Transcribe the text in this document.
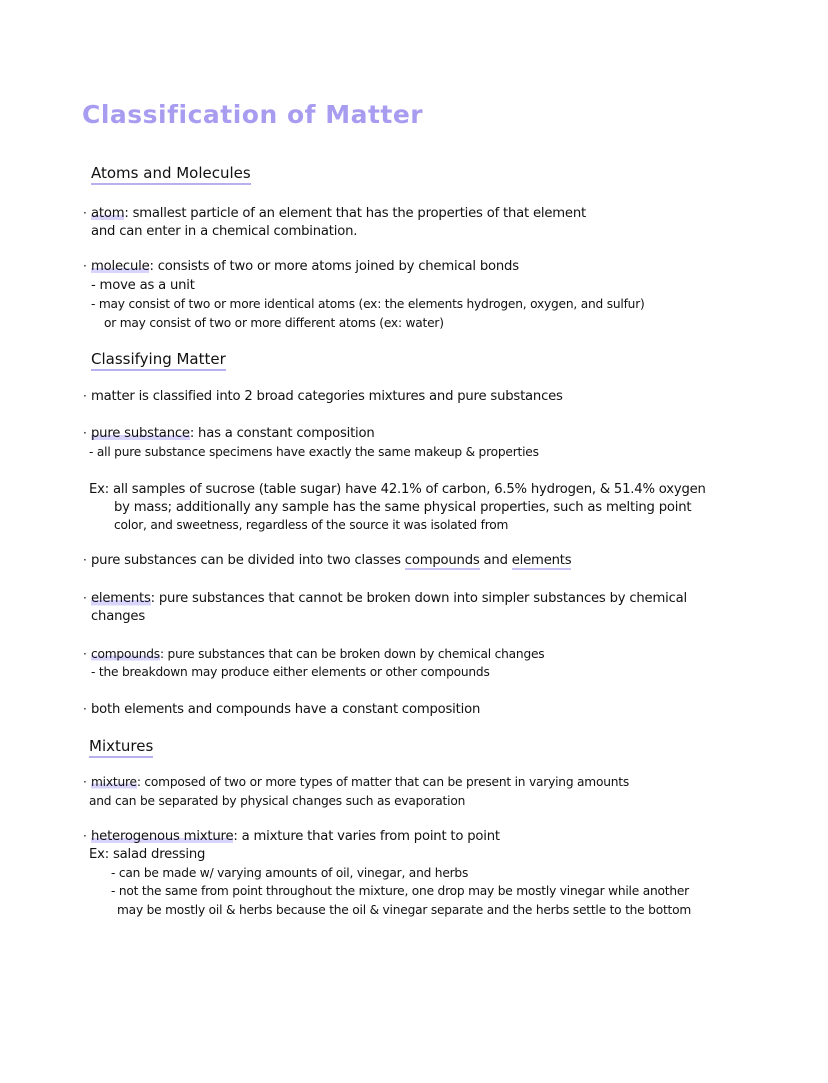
Classification of Matter
Atoms and Molecules
· atom: smallest particle of an element that has the properties of that element
and can enter in a chemical combination.
· molecule: consists of two or more atoms joined by chemical bonds
- move as a unit
- may consist of two or more identical atoms (ex: the elements hydrogen, oxygen, and sulfur)
or may consist of two or more different atoms (ex: water)
Classifying Matter
· matter is classified into 2 broad categories mixtures and pure substances
· pure substance: has a constant composition
- all pure substance specimens have exactly the same makeup & properties
Ex: all samples of sucrose (table sugar) have 42.1% of carbon, 6.5% hydrogen, & 51.4% oxygen
by mass; additionally any sample has the same physical properties, such as melting point
color, and sweetness, regardless of the source it was isolated from
· pure substances can be divided into two classes compounds and elements
· elements: pure substances that cannot be broken down into simpler substances by chemical
changes
· compounds: pure substances that can be broken down by chemical changes
- the breakdown may produce either elements or other compounds
· both elements and compounds have a constant composition
Mixtures
· mixture: composed of two or more types of matter that can be present in varying amounts
and can be separated by physical changes such as evaporation
· heterogenous mixture: a mixture that varies from point to point
Ex: salad dressing
- can be made w/ varying amounts of oil, vinegar, and herbs
- not the same from point throughout the mixture, one drop may be mostly vinegar while another
may be mostly oil & herbs because the oil & vinegar separate and the herbs settle to the bottom
